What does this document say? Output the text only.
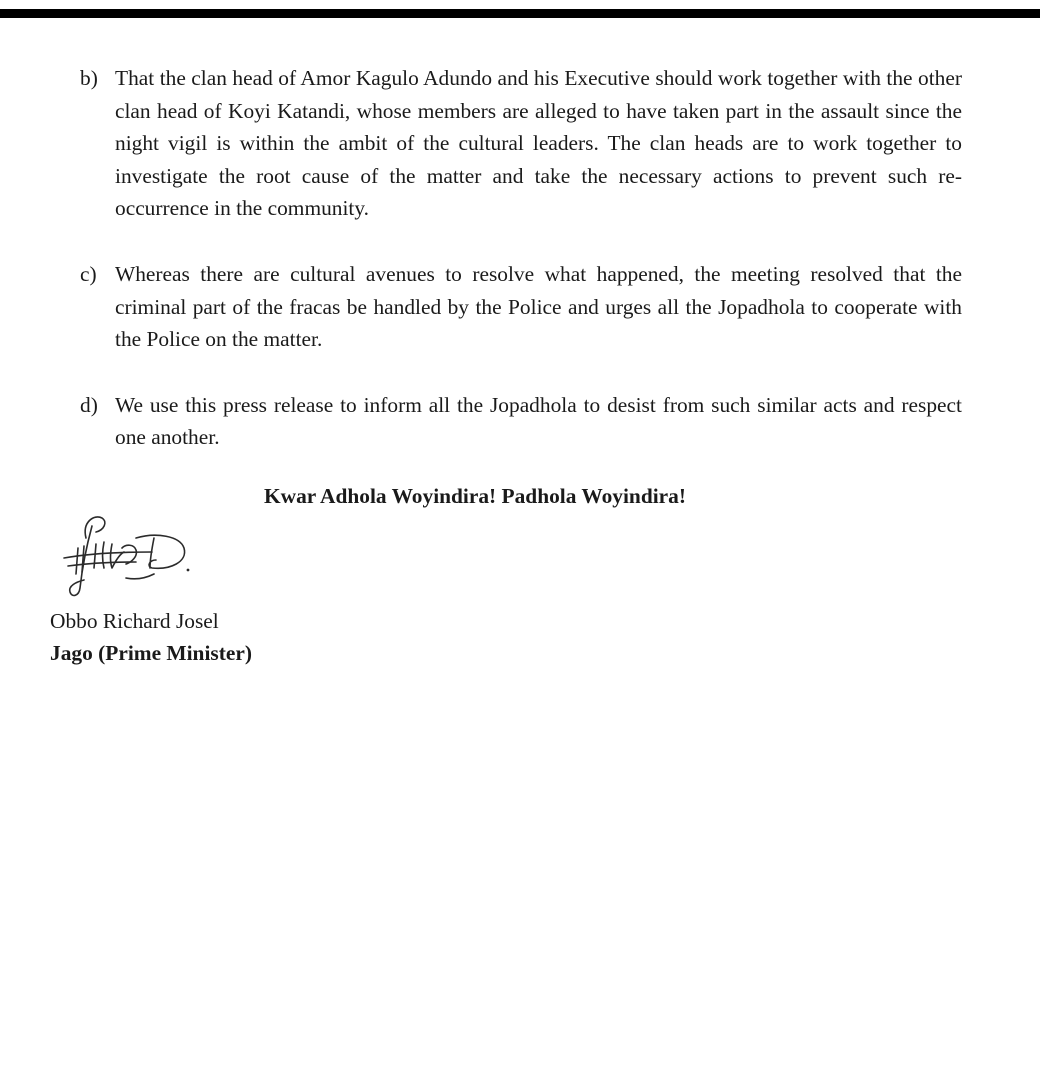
b) That the clan head of Amor Kagulo Adundo and his Executive should work together with the other clan head of Koyi Katandi, whose members are alleged to have taken part in the assault since the night vigil is within the ambit of the cultural leaders. The clan heads are to work together to investigate the root cause of the matter and take the necessary actions to prevent such re-occurrence in the community.
c) Whereas there are cultural avenues to resolve what happened, the meeting resolved that the criminal part of the fracas be handled by the Police and urges all the Jopadhola to cooperate with the Police on the matter.
d) We use this press release to inform all the Jopadhola to desist from such similar acts and respect one another.
Kwar Adhola Woyindira! Padhola Woyindira!
Obbo Richard Josel
Jago (Prime Minister)
